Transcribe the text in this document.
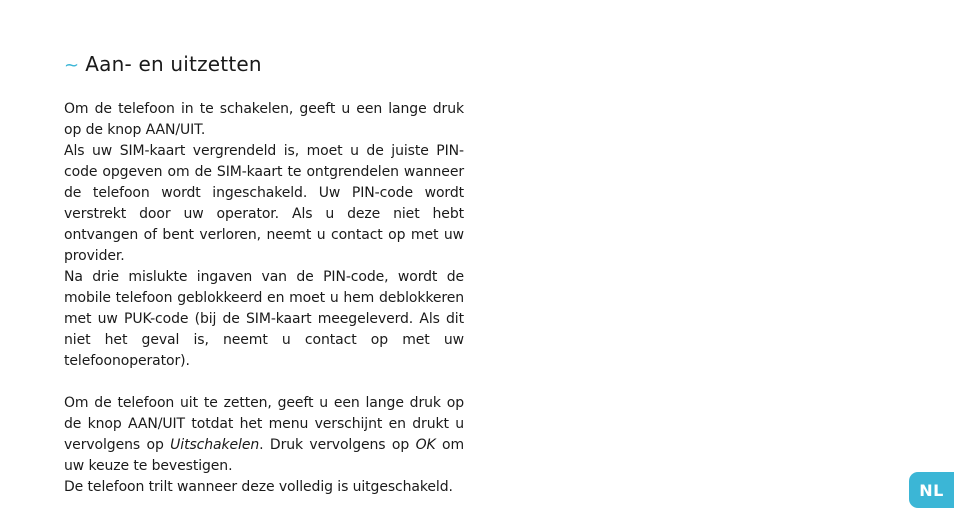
~ Aan- en uitzetten

Om de telefoon in te schakelen, geeft u een lange druk op de knop AAN/UIT.

Als uw SIM-kaart vergrendeld is, moet u de juiste PIN-code opgeven om de SIM-kaart te ontgrendelen wanneer de telefoon wordt ingeschakeld. Uw PIN-code wordt verstrekt door uw operator. Als u deze niet hebt ontvangen of bent verloren, neemt u contact op met uw provider.

Na drie mislukte ingaven van de PIN-code, wordt de mobile telefoon geblokkeerd en moet u hem deblokkeren met uw PUK-code (bij de SIM-kaart meegeleverd. Als dit niet het geval is, neemt u contact op met uw telefoonoperator).

Om de telefoon uit te zetten, geeft u een lange druk op de knop AAN/UIT totdat het menu verschijnt en drukt u vervolgens op Uitschakelen. Druk vervolgens op OK om uw keuze te bevestigen.

De telefoon trilt wanneer deze volledig is uitgeschakeld.	NL
